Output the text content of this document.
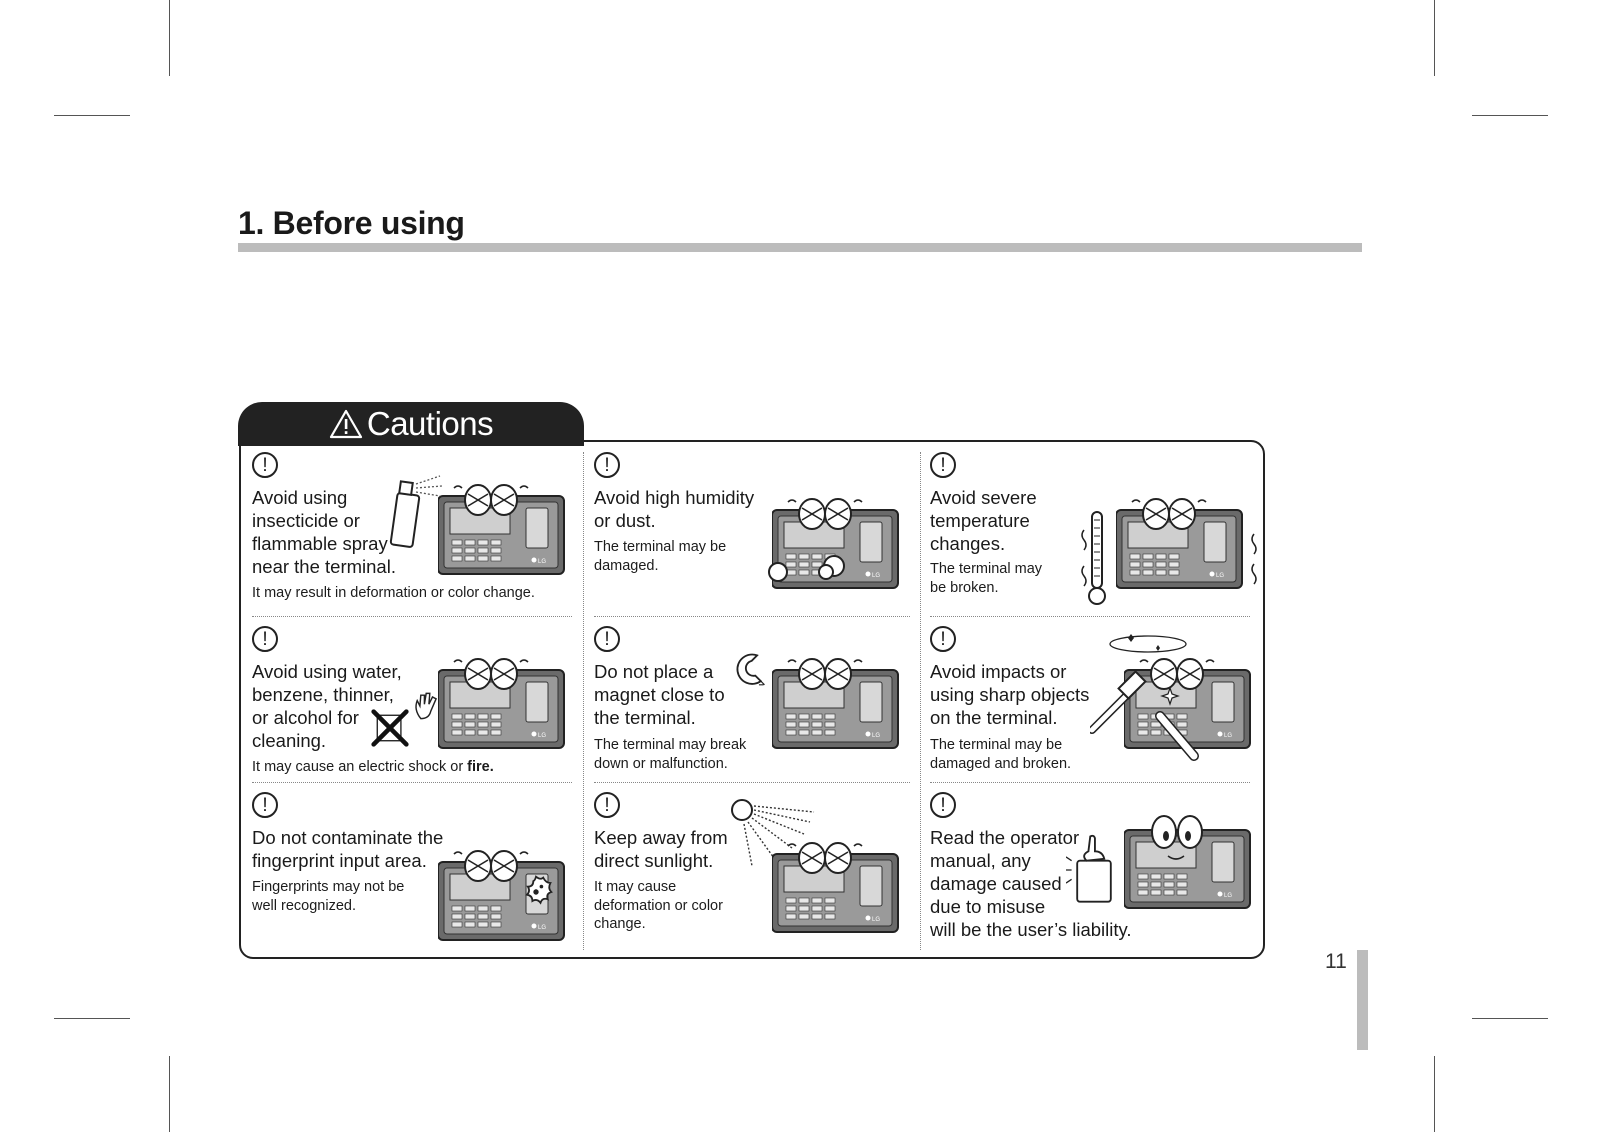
1. Before using
Cautions
!
Avoid using
insecticide or
flammable spray
near the terminal.
It may result in deformation or color change.
!
Avoid high humidity
or dust.
The terminal may be
damaged.
!
Avoid severe
temperature
changes.
The terminal may
be broken.
!
Avoid using water,
benzene, thinner,
or alcohol for
cleaning.
It may cause an electric shock or fire.
!
Do not place a
magnet close to
the terminal.
The terminal may break
down or malfunction.
!
Avoid impacts or
using sharp objects
on the terminal.
The terminal may be
damaged and broken.
!
Do not contaminate the
fingerprint input area.
Fingerprints may not be
well recognized.
!
Keep away from
direct sunlight.
It may cause
deformation or color
change.
!
Read the operator
manual, any
damage caused
due to misuse
will be the user’s liability.
11
